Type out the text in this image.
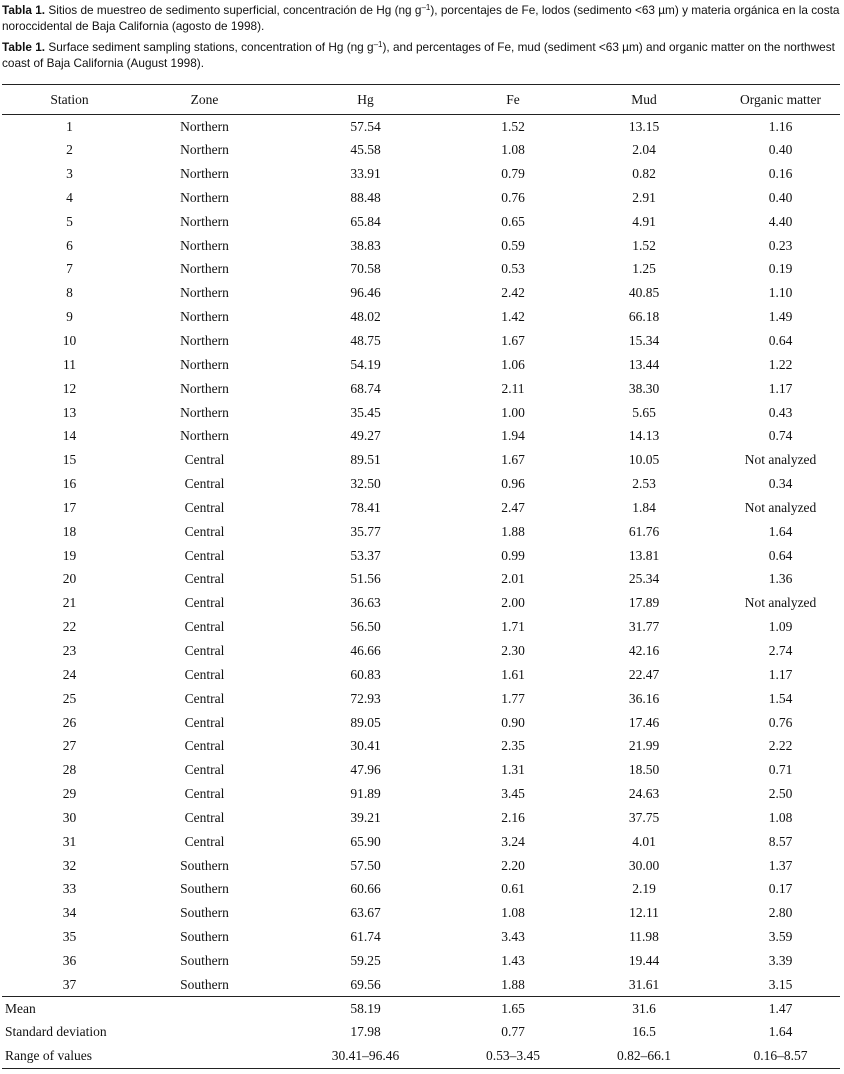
Tabla 1. Sitios de muestreo de sedimento superficial, concentración de Hg (ng $g^{-1}$), porcentajes de Fe, lodos (sedimento <63 µm) y materia orgánica en la costa noroccidental de Baja California (agosto de 1998).

Table 1. Surface sediment sampling stations, concentration of Hg (ng $g^{-1}$), and percentages of Fe, mud (sediment <63 µm) and organic matter on the northwest coast of Baja California (August 1998).

Station	Zone	Hg	Fe	Mud	Organic matter
1	Northern	57.54	1.52	13.15	1.16
2	Northern	45.58	1.08	2.04	0.40
3	Northern	33.91	0.79	0.82	0.16
4	Northern	88.48	0.76	2.91	0.40
5	Northern	65.84	0.65	4.91	4.40
6	Northern	38.83	0.59	1.52	0.23
7	Northern	70.58	0.53	1.25	0.19
8	Northern	96.46	2.42	40.85	1.10
9	Northern	48.02	1.42	66.18	1.49
10	Northern	48.75	1.67	15.34	0.64
11	Northern	54.19	1.06	13.44	1.22
12	Northern	68.74	2.11	38.30	1.17
13	Northern	35.45	1.00	5.65	0.43
14	Northern	49.27	1.94	14.13	0.74
15	Central	89.51	1.67	10.05	Not analyzed
16	Central	32.50	0.96	2.53	0.34
17	Central	78.41	2.47	1.84	Not analyzed
18	Central	35.77	1.88	61.76	1.64
19	Central	53.37	0.99	13.81	0.64
20	Central	51.56	2.01	25.34	1.36
21	Central	36.63	2.00	17.89	Not analyzed
22	Central	56.50	1.71	31.77	1.09
23	Central	46.66	2.30	42.16	2.74
24	Central	60.83	1.61	22.47	1.17
25	Central	72.93	1.77	36.16	1.54
26	Central	89.05	0.90	17.46	0.76
27	Central	30.41	2.35	21.99	2.22
28	Central	47.96	1.31	18.50	0.71
29	Central	91.89	3.45	24.63	2.50
30	Central	39.21	2.16	37.75	1.08
31	Central	65.90	3.24	4.01	8.57
32	Southern	57.50	2.20	30.00	1.37
33	Southern	60.66	0.61	2.19	0.17
34	Southern	63.67	1.08	12.11	2.80
35	Southern	61.74	3.43	11.98	3.59
36	Southern	59.25	1.43	19.44	3.39
37	Southern	69.56	1.88	31.61	3.15
Mean		58.19	1.65	31.6	1.47
Standard deviation		17.98	0.77	16.5	1.64
Range of values		30.41–96.46	0.53–3.45	0.82–66.1	0.16–8.57
